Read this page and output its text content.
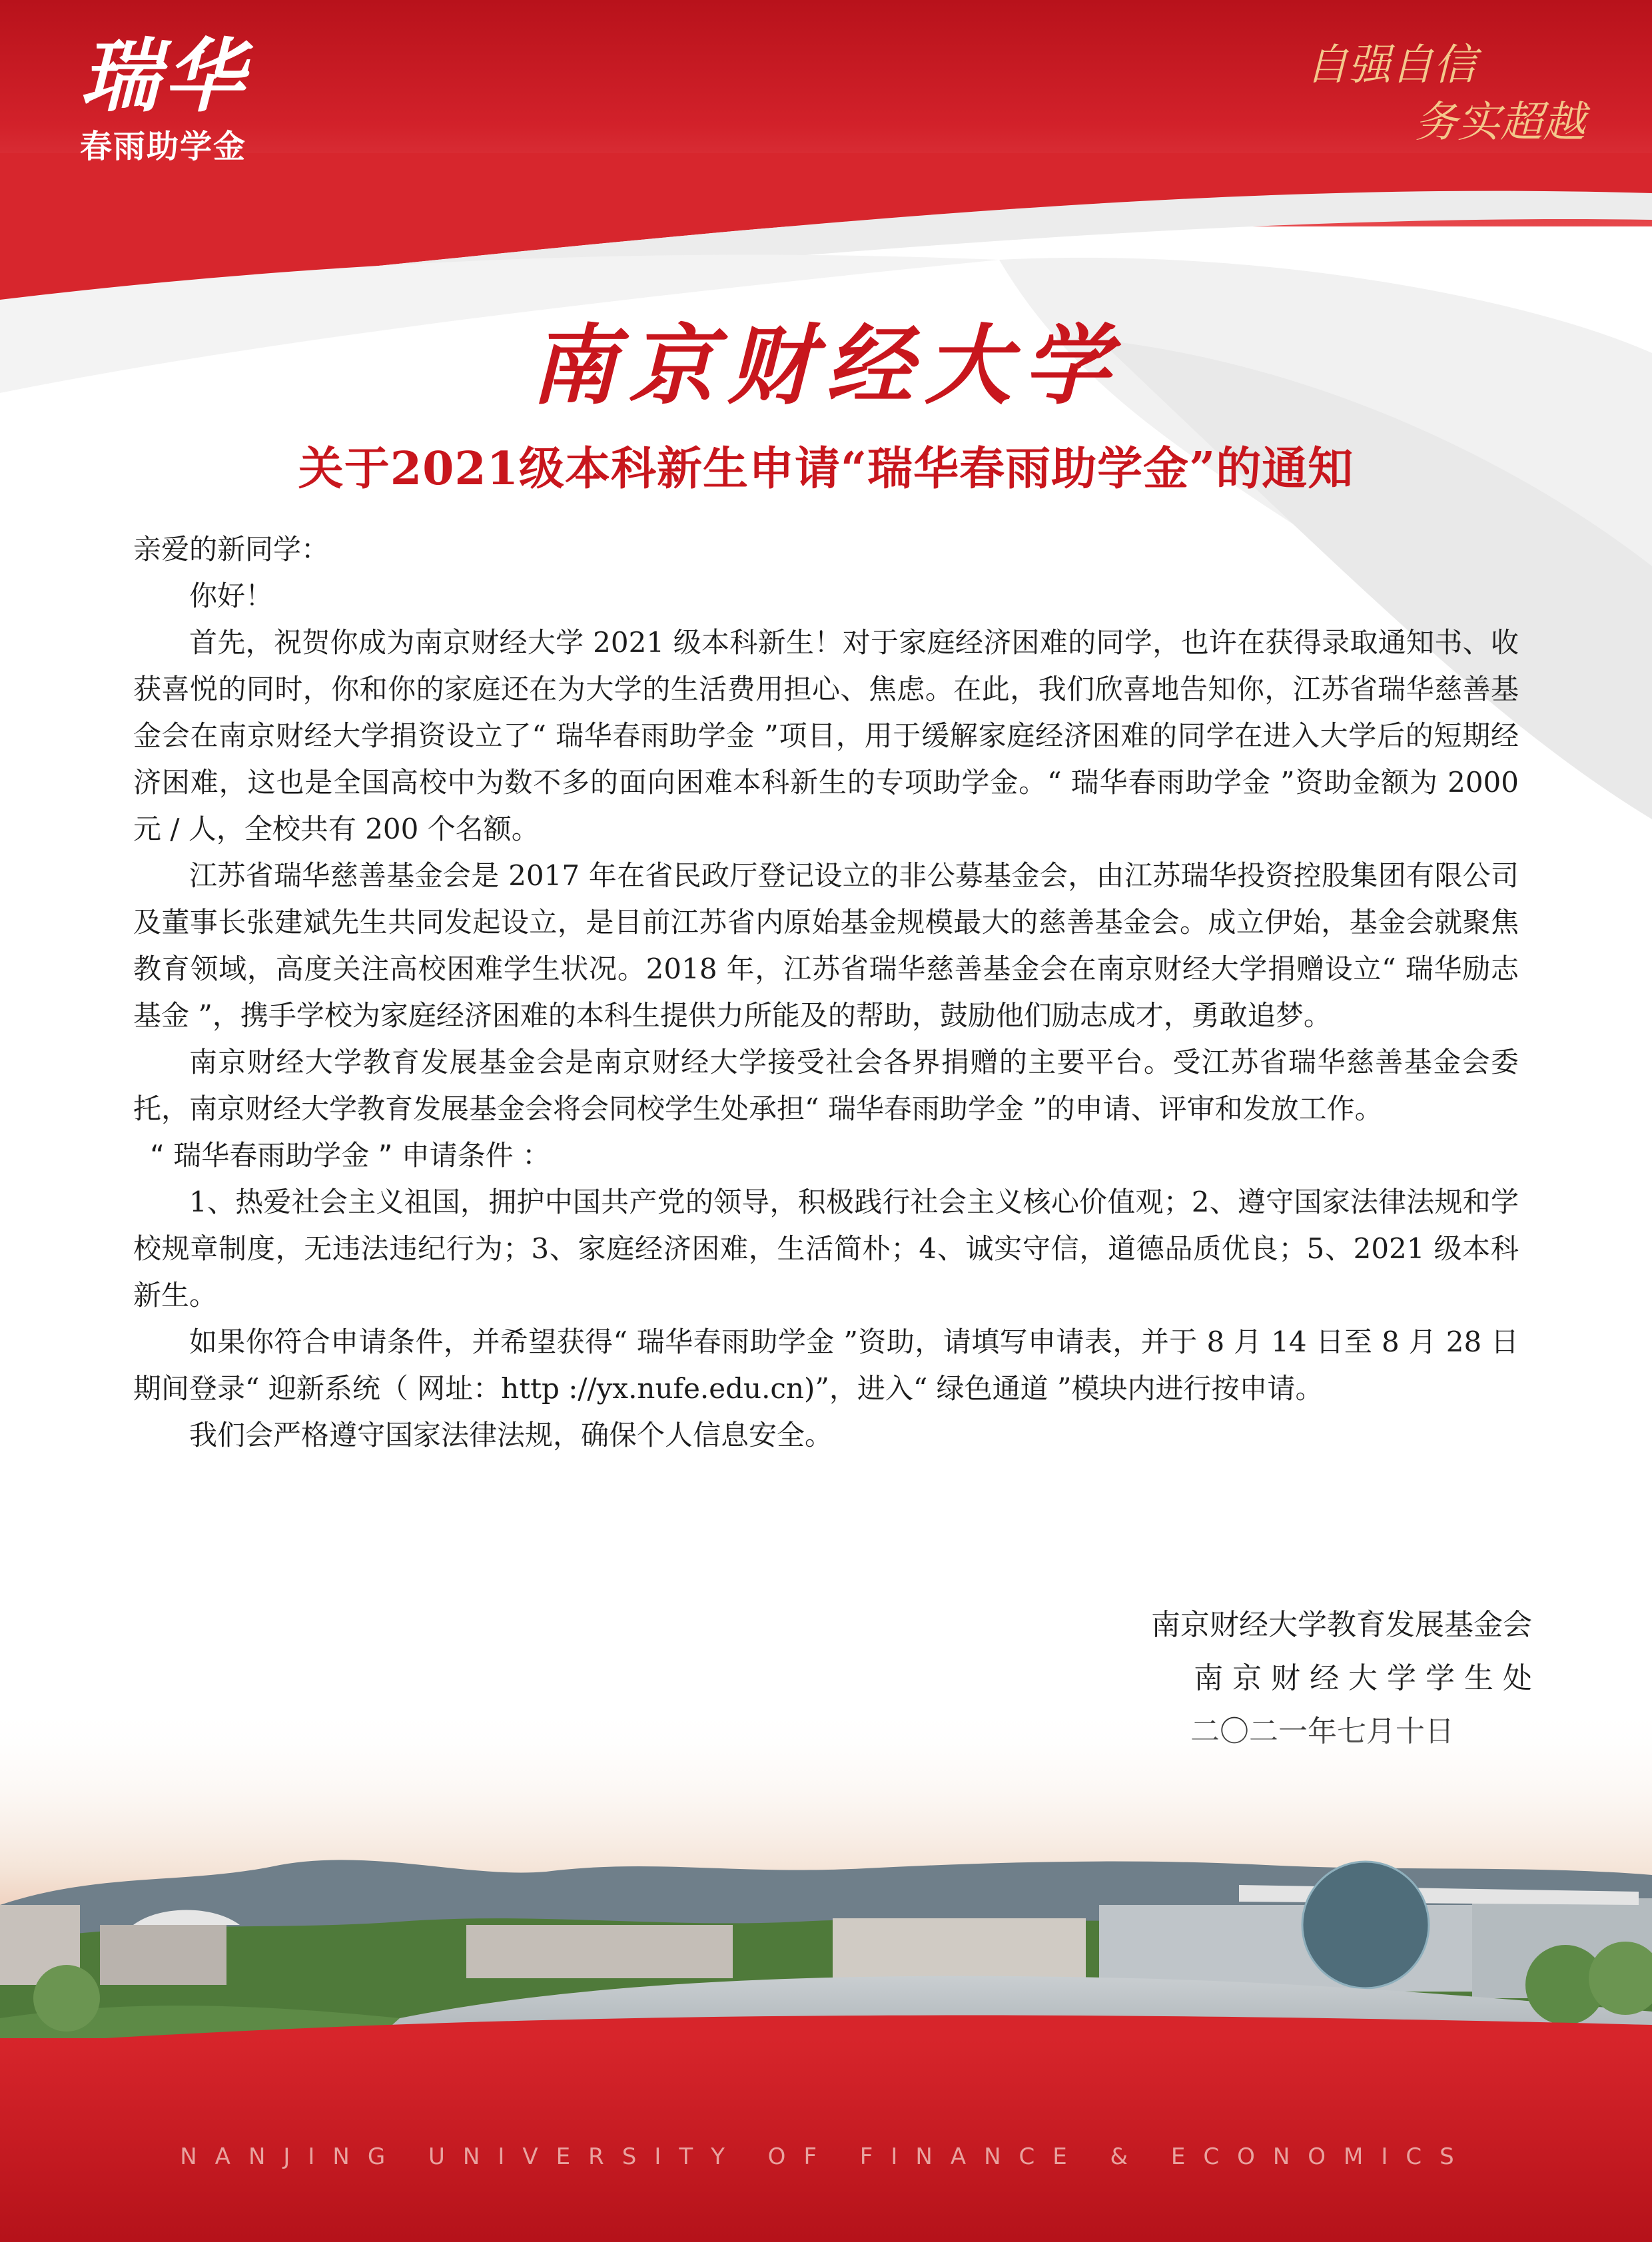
瑞华
春雨助学金
自强自信
务实超越
南京财经大学
关于2021级本科新生申请“瑞华春雨助学金”的通知

亲爱的新同学：

你好！

首先，祝贺你成为南京财经大学 2021 级本科新生！对于家庭经济困难的同学，也许在获得录取通知书、收获喜悦的同时，你和你的家庭还在为大学的生活费用担心、焦虑。在此，我们欣喜地告知你，江苏省瑞华慈善基金会在南京财经大学捐资设立了“ 瑞华春雨助学金 ”项目，用于缓解家庭经济困难的同学在进入大学后的短期经济困难，这也是全国高校中为数不多的面向困难本科新生的专项助学金。“ 瑞华春雨助学金 ”资助金额为 2000 元 / 人，全校共有 200 个名额。

江苏省瑞华慈善基金会是 2017 年在省民政厅登记设立的非公募基金会，由江苏瑞华投资控股集团有限公司及董事长张建斌先生共同发起设立，是目前江苏省内原始基金规模最大的慈善基金会。成立伊始，基金会就聚焦教育领域，高度关注高校困难学生状况。2018 年，江苏省瑞华慈善基金会在南京财经大学捐赠设立“ 瑞华励志基金 ”，携手学校为家庭经济困难的本科生提供力所能及的帮助，鼓励他们励志成才，勇敢追梦。

南京财经大学教育发展基金会是南京财经大学接受社会各界捐赠的主要平台。受江苏省瑞华慈善基金会委托，南京财经大学教育发展基金会将会同校学生处承担“ 瑞华春雨助学金 ”的申请、评审和发放工作。

“ 瑞华春雨助学金 ” 申请条件 ：

1、热爱社会主义祖国，拥护中国共产党的领导，积极践行社会主义核心价值观；2、遵守国家法律法规和学校规章制度，无违法违纪行为；3、家庭经济困难，生活简朴；4、诚实守信，道德品质优良；5、2021 级本科新生。

如果你符合申请条件，并希望获得“ 瑞华春雨助学金 ”资助，请填写申请表，并于 8 月 14 日至 8 月 28 日期间登录“ 迎新系统（ 网址：http ://yx.nufe.edu.cn)”，进入“ 绿色通道 ”模块内进行按申请。

我们会严格遵守国家法律法规，确保个人信息安全。

南京财经大学教育发展基金会
南 京 财 经 大 学 学 生 处
NANJING UNIVERSITY OF FINANCE & ECONOMICS
